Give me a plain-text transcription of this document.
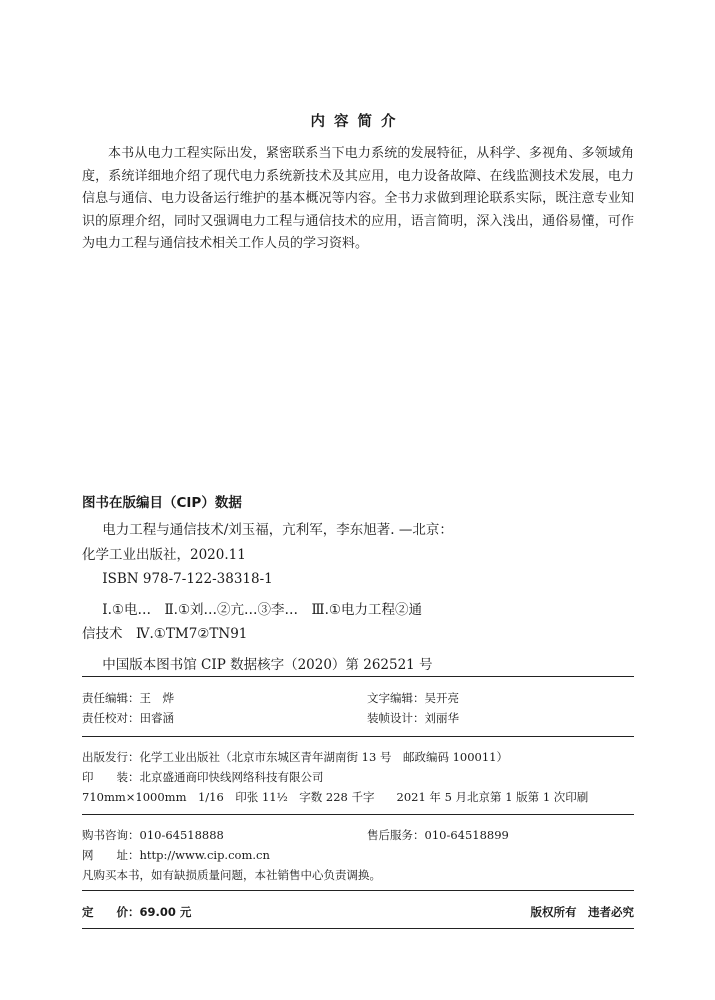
内容简介

本书从电力工程实际出发，紧密联系当下电力系统的发展特征，从科学、多视角、多领域角度，系统详细地介绍了现代电力系统新技术及其应用，电力设备故障、在线监测技术发展，电力信息与通信、电力设备运行维护的基本概况等内容。全书力求做到理论联系实际，既注意专业知识的原理介绍，同时又强调电力工程与通信技术的应用，语言简明，深入浅出，通俗易懂，可作为电力工程与通信技术相关工作人员的学习资料。

图书在版编目（CIP）数据
电力工程与通信技术/刘玉福，亢利军，李东旭著. —北京：
化学工业出版社，2020.11
ISBN 978-7-122-38318-1
Ⅰ.①电…　Ⅱ.①刘…②亢…③李…　Ⅲ.①电力工程②通
信技术　Ⅳ.①TM7②TN91
中国版本图书馆 CIP 数据核字（2020）第 262521 号
责任编辑：王　烨	文字编辑：吴开亮
责任校对：田睿涵	装帧设计：刘丽华
出版发行：化学工业出版社（北京市东城区青年湖南街 13 号　邮政编码 100011）
印　　装：北京盛通商印快线网络科技有限公司
710mm×1000mm　1/16　印张 11½　字数 228 千字 2021 年 5 月北京第 1 版第 1 次印刷
购书咨询：010-64518888	售后服务：010-64518899
网　　址：http://www.cip.com.cn
凡购买本书，如有缺损质量问题，本社销售中心负责调换。
定　　价：69.00 元	版权所有　违者必究
